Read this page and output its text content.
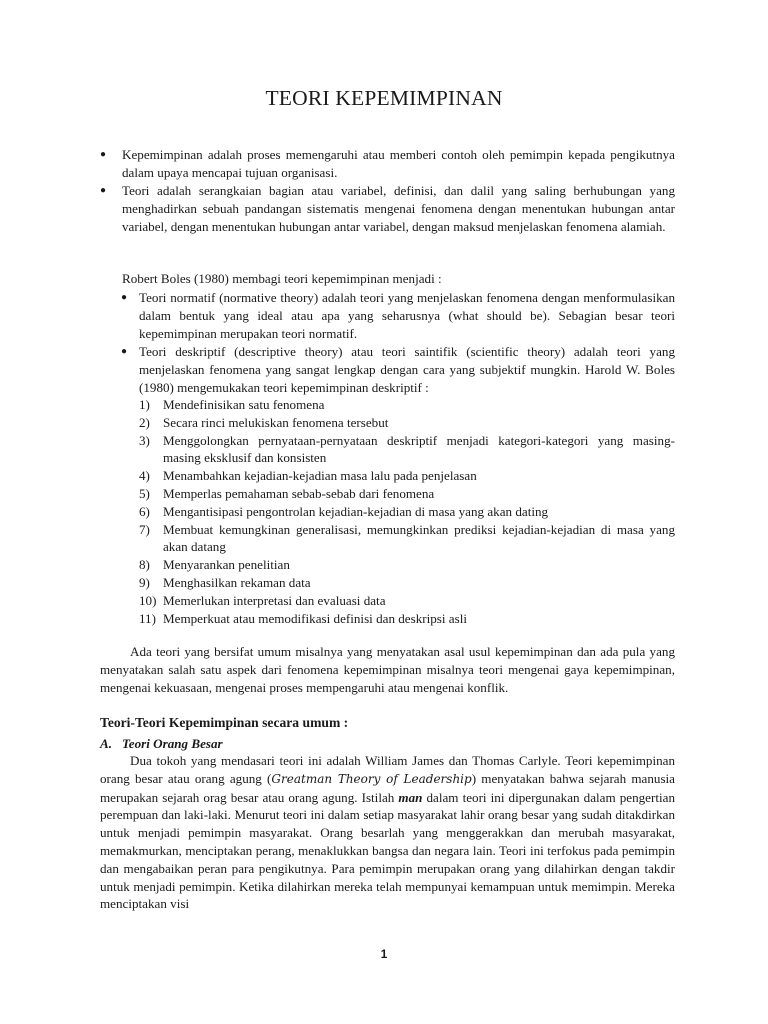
TEORI KEPEMIMPINAN
● Kepemimpinan adalah proses memengaruhi atau memberi contoh oleh pemimpin kepada pengikutnya dalam upaya mencapai tujuan organisasi.
● Teori adalah serangkaian bagian atau variabel, definisi, dan dalil yang saling berhubungan yang menghadirkan sebuah pandangan sistematis mengenai fenomena dengan menentukan hubungan antar variabel, dengan menentukan hubungan antar variabel, dengan maksud menjelaskan fenomena alamiah.
Robert Boles (1980) membagi teori kepemimpinan menjadi :
● Teori normatif (normative theory) adalah teori yang menjelaskan fenomena dengan menformulasikan dalam bentuk yang ideal atau apa yang seharusnya (what should be). Sebagian besar teori kepemimpinan merupakan teori normatif.
● Teori deskriptif (descriptive theory) atau teori saintifik (scientific theory) adalah teori yang menjelaskan fenomena yang sangat lengkap dengan cara yang subjektif mungkin. Harold W. Boles (1980) mengemukakan teori kepemimpinan deskriptif :
1) Mendefinisikan satu fenomena
2) Secara rinci melukiskan fenomena tersebut
3) Menggolongkan pernyataan-pernyataan deskriptif menjadi kategori-kategori yang masing-masing eksklusif dan konsisten
4) Menambahkan kejadian-kejadian masa lalu pada penjelasan
5) Memperlas pemahaman sebab-sebab dari fenomena
6) Mengantisipasi pengontrolan kejadian-kejadian di masa yang akan dating
7) Membuat kemungkinan generalisasi, memungkinkan prediksi kejadian-kejadian di masa yang akan datang
8) Menyarankan penelitian
9) Menghasilkan rekaman data
10) Memerlukan interpretasi dan evaluasi data
11) Memperkuat atau memodifikasi definisi dan deskripsi asli
Ada teori yang bersifat umum misalnya yang menyatakan asal usul kepemimpinan dan ada pula yang menyatakan salah satu aspek dari fenomena kepemimpinan misalnya teori mengenai gaya kepemimpinan, mengenai kekuasaan, mengenai proses mempengaruhi atau mengenai konflik.
Teori-Teori Kepemimpinan secara umum :
A. Teori Orang Besar
Dua tokoh yang mendasari teori ini adalah William James dan Thomas Carlyle. Teori kepemimpinan orang besar atau orang agung (Greatman Theory of Leadership) menyatakan bahwa sejarah manusia merupakan sejarah orag besar atau orang agung. Istilah man dalam teori ini dipergunakan dalam pengertian perempuan dan laki-laki. Menurut teori ini dalam setiap masyarakat lahir orang besar yang sudah ditakdirkan untuk menjadi pemimpin masyarakat. Orang besarlah yang menggerakkan dan merubah masyarakat, memakmurkan, menciptakan perang, menaklukkan bangsa dan negara lain. Teori ini terfokus pada pemimpin dan mengabaikan peran para pengikutnya. Para pemimpin merupakan orang yang dilahirkan dengan takdir untuk menjadi pemimpin. Ketika dilahirkan mereka telah mempunyai kemampuan untuk memimpin. Mereka menciptakan visi
1
